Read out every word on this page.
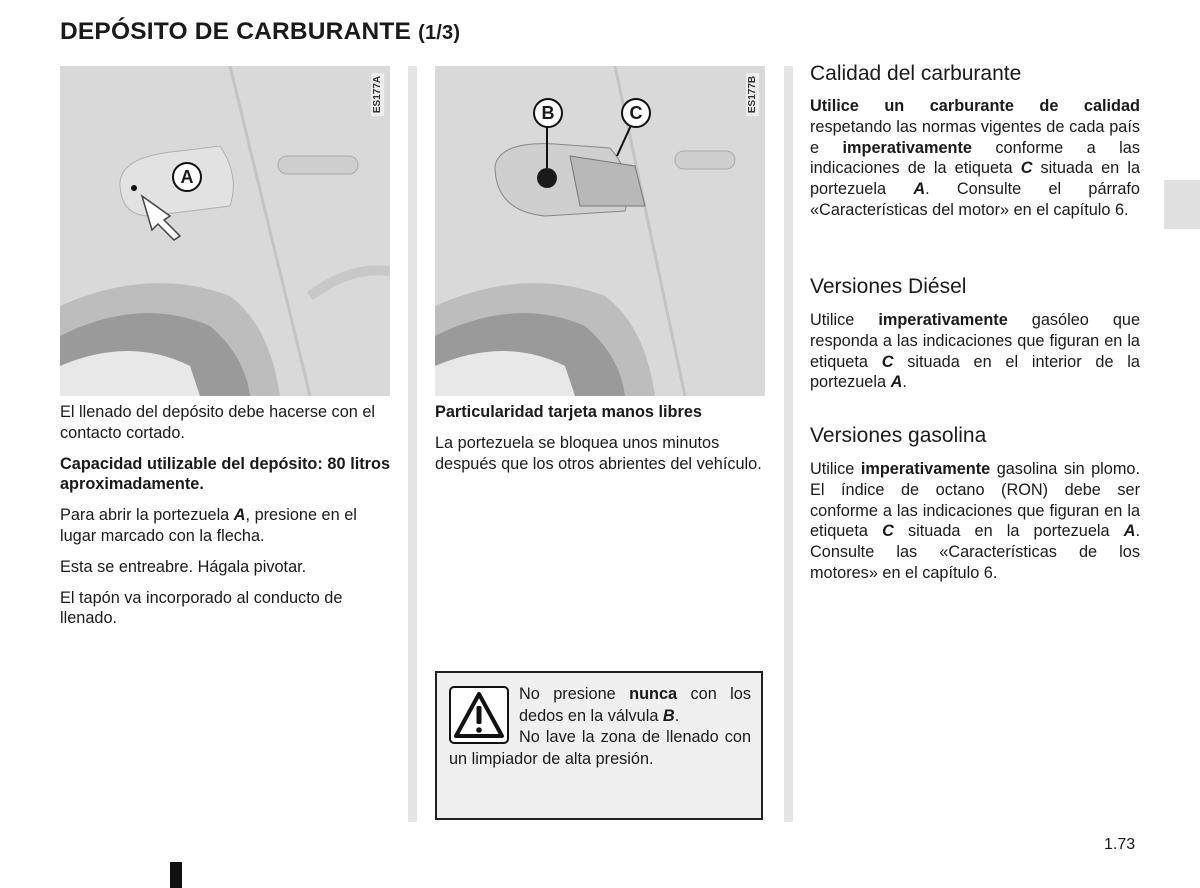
DEPÓSITO DE CARBURANTE (1/3)
A
ES177A	B	C	ES177B

El llenado del depósito debe hacerse con el contacto cortado.

Capacidad utilizable del depósito: 80 litros aproximadamente.

Para abrir la portezuela A, presione en el lugar marcado con la flecha.

Esta se entreabre. Hágala pivotar.

El tapón va incorporado al conducto de llenado.

Particularidad tarjeta manos libres

La portezuela se bloquea unos minutos después que los otros abrientes del vehículo.

No presione nunca con los dedos en la válvula B.
No lave la zona de llenado con un limpiador de alta presión.
Calidad del carburante
Utilice un carburante de calidad respetando las normas vigentes de cada país e imperativamente conforme a las indicaciones de la etiqueta C situada en la portezuela A. Consulte el párrafo «Características del motor» en el capítulo 6.
Versiones Diésel
Utilice imperativamente gasóleo que responda a las indicaciones que figuran en la etiqueta C situada en el interior de la portezuela A.
Versiones gasolina
Utilice imperativamente gasolina sin plomo. El índice de octano (RON) debe ser conforme a las indicaciones que figuran en la etiqueta C situada en la portezuela A. Consulte las «Características de los motores» en el capítulo 6.
1.73
